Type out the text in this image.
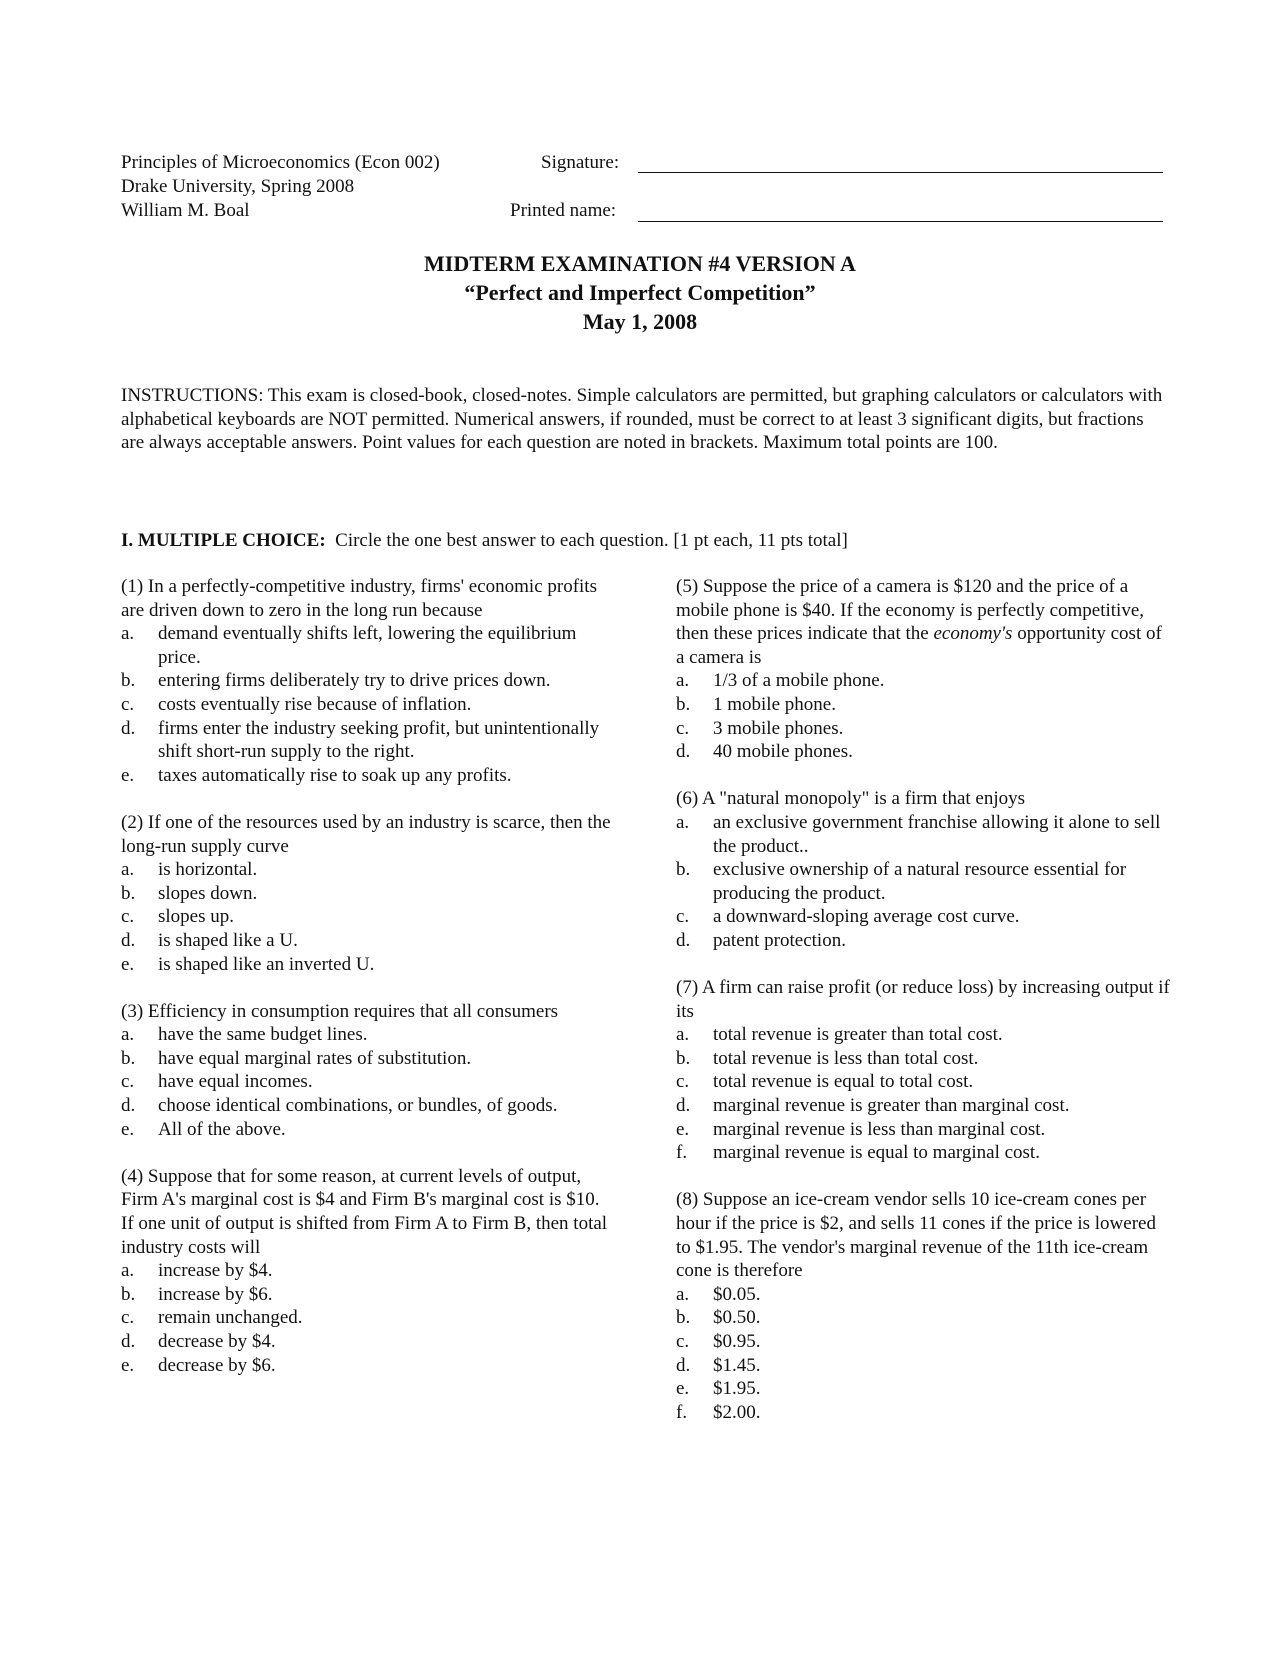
Principles of Microeconomics (Econ 002)
Drake University, Spring 2008
William M. Boal
Signature:
Printed name:
MIDTERM EXAMINATION #4 VERSION A
“Perfect and Imperfect Competition”
May 1, 2008
INSTRUCTIONS: This exam is closed-book, closed-notes. Simple calculators are permitted, but graphing calculators or calculators with alphabetical keyboards are NOT permitted. Numerical answers, if rounded, must be correct to at least 3 significant digits, but fractions are always acceptable answers. Point values for each question are noted in brackets. Maximum total points are 100.
I. MULTIPLE CHOICE: Circle the one best answer to each question. [1 pt each, 11 pts total]

(1) In a perfectly-competitive industry, firms' economic profits are driven down to zero in the long run because

a.	demand eventually shifts left, lowering the equilibrium price.
b.	entering firms deliberately try to drive prices down.
c.	costs eventually rise because of inflation.
d.	firms enter the industry seeking profit, but unintentionally shift short-run supply to the right.
e.	taxes automatically rise to soak up any profits.

(2) If one of the resources used by an industry is scarce, then the long-run supply curve

a.	is horizontal.
b.	slopes down.
c.	slopes up.
d.	is shaped like a U.
e.	is shaped like an inverted U.

(3) Efficiency in consumption requires that all consumers

a.	have the same budget lines.
b.	have equal marginal rates of substitution.
c.	have equal incomes.
d.	choose identical combinations, or bundles, of goods.
e.	All of the above.

(4) Suppose that for some reason, at current levels of output, Firm A's marginal cost is $4 and Firm B's marginal cost is $10. If one unit of output is shifted from Firm A to Firm B, then total industry costs will

a.	increase by $4.
b.	increase by $6.
c.	remain unchanged.
d.	decrease by $4.
e.	decrease by $6.

(5) Suppose the price of a camera is $120 and the price of a mobile phone is $40. If the economy is perfectly competitive, then these prices indicate that the economy's opportunity cost of a camera is

a.	1/3 of a mobile phone.
b.	1 mobile phone.
c.	3 mobile phones.
d.	40 mobile phones.

(6) A "natural monopoly" is a firm that enjoys

a.	an exclusive government franchise allowing it alone to sell the product..
b.	exclusive ownership of a natural resource essential for producing the product.
c.	a downward-sloping average cost curve.
d.	patent protection.

(7) A firm can raise profit (or reduce loss) by increasing output if its

a.	total revenue is greater than total cost.
b.	total revenue is less than total cost.
c.	total revenue is equal to total cost.
d.	marginal revenue is greater than marginal cost.
e.	marginal revenue is less than marginal cost.
f.	marginal revenue is equal to marginal cost.

(8) Suppose an ice-cream vendor sells 10 ice-cream cones per hour if the price is $2, and sells 11 cones if the price is lowered to $1.95. The vendor's marginal revenue of the 11th ice-cream cone is therefore

a.	$0.05.
b.	$0.50.
c.	$0.95.
d.	$1.45.
e.	$1.95.
f.	$2.00.
